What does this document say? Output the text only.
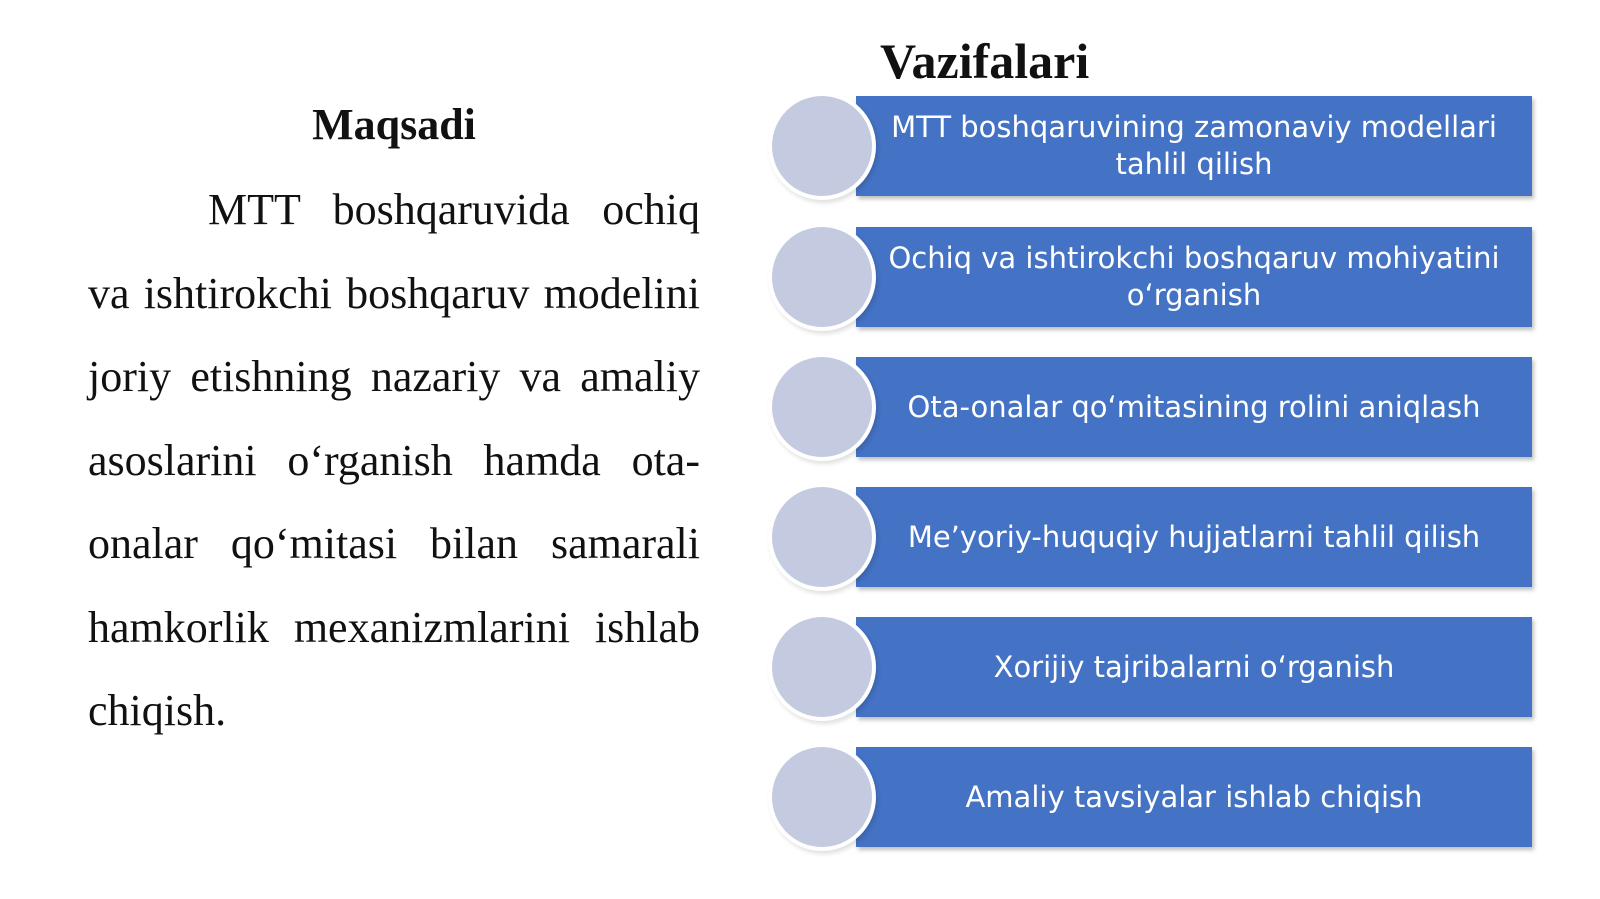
Maqsadi
MTT boshqaruvida ochiq va ishtirokchi boshqaruv modelini joriy etishning nazariy va amaliy asoslarini o‘rganish hamda ota-onalar qo‘mitasi bilan samarali hamkorlik mexanizmlarini ishlab chiqish.
Vazifalari
MTT boshqaruvining zamonaviy modellari tahlil qilish
Ochiq va ishtirokchi boshqaruv mohiyatini o‘rganish
Ota-onalar qo‘mitasining rolini aniqlash
Me’yoriy-huquqiy hujjatlarni tahlil qilish
Xorijiy tajribalarni o‘rganish
Amaliy tavsiyalar ishlab chiqish
